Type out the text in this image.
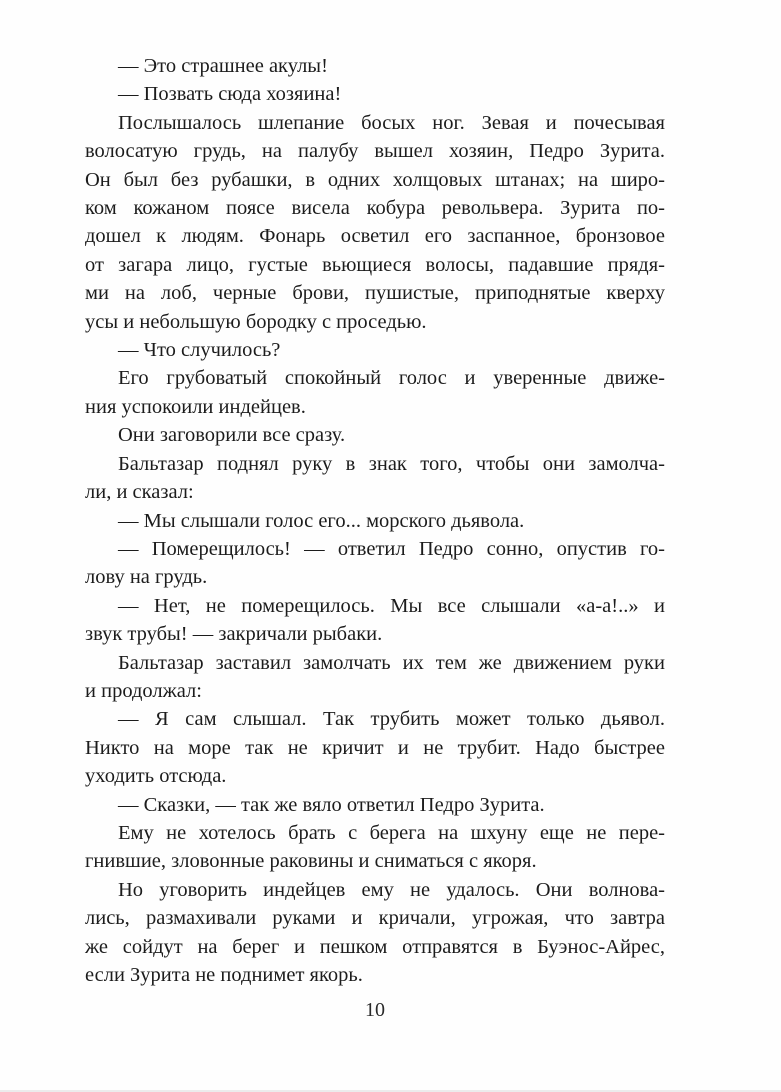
— Это страшнее акулы!
— Позвать сюда хозяина!
Послышалось шлепание босых ног. Зевая и почесывая
волосатую грудь, на палубу вышел хозяин, Педро Зурита.
Он был без рубашки, в одних холщовых штанах; на широ-
ком кожаном поясе висела кобура револьвера. Зурита по-
дошел к людям. Фонарь осветил его заспанное, бронзовое
от загара лицо, густые вьющиеся волосы, падавшие прядя-
ми на лоб, черные брови, пушистые, приподнятые кверху
усы и небольшую бородку с проседью.
— Что случилось?
Его грубоватый спокойный голос и уверенные движе-
ния успокоили индейцев.
Они заговорили все сразу.
Бальтазар поднял руку в знак того, чтобы они замолча-
ли, и сказал:
— Мы слышали голос его... морского дьявола.
— Померещилось! — ответил Педро сонно, опустив го-
лову на грудь.
— Нет, не померещилось. Мы все слышали «а-а!..» и
звук трубы! — закричали рыбаки.
Бальтазар заставил замолчать их тем же движением руки
и продолжал:
— Я сам слышал. Так трубить может только дьявол.
Никто на море так не кричит и не трубит. Надо быстрее
уходить отсюда.
— Сказки, — так же вяло ответил Педро Зурита.
Ему не хотелось брать с берега на шхуну еще не пере-
гнившие, зловонные раковины и сниматься с якоря.
Но уговорить индейцев ему не удалось. Они волнова-
лись, размахивали руками и кричали, угрожая, что завтра
же сойдут на берег и пешком отправятся в Буэнос-Айрес,
если Зурита не поднимет якорь.
10
